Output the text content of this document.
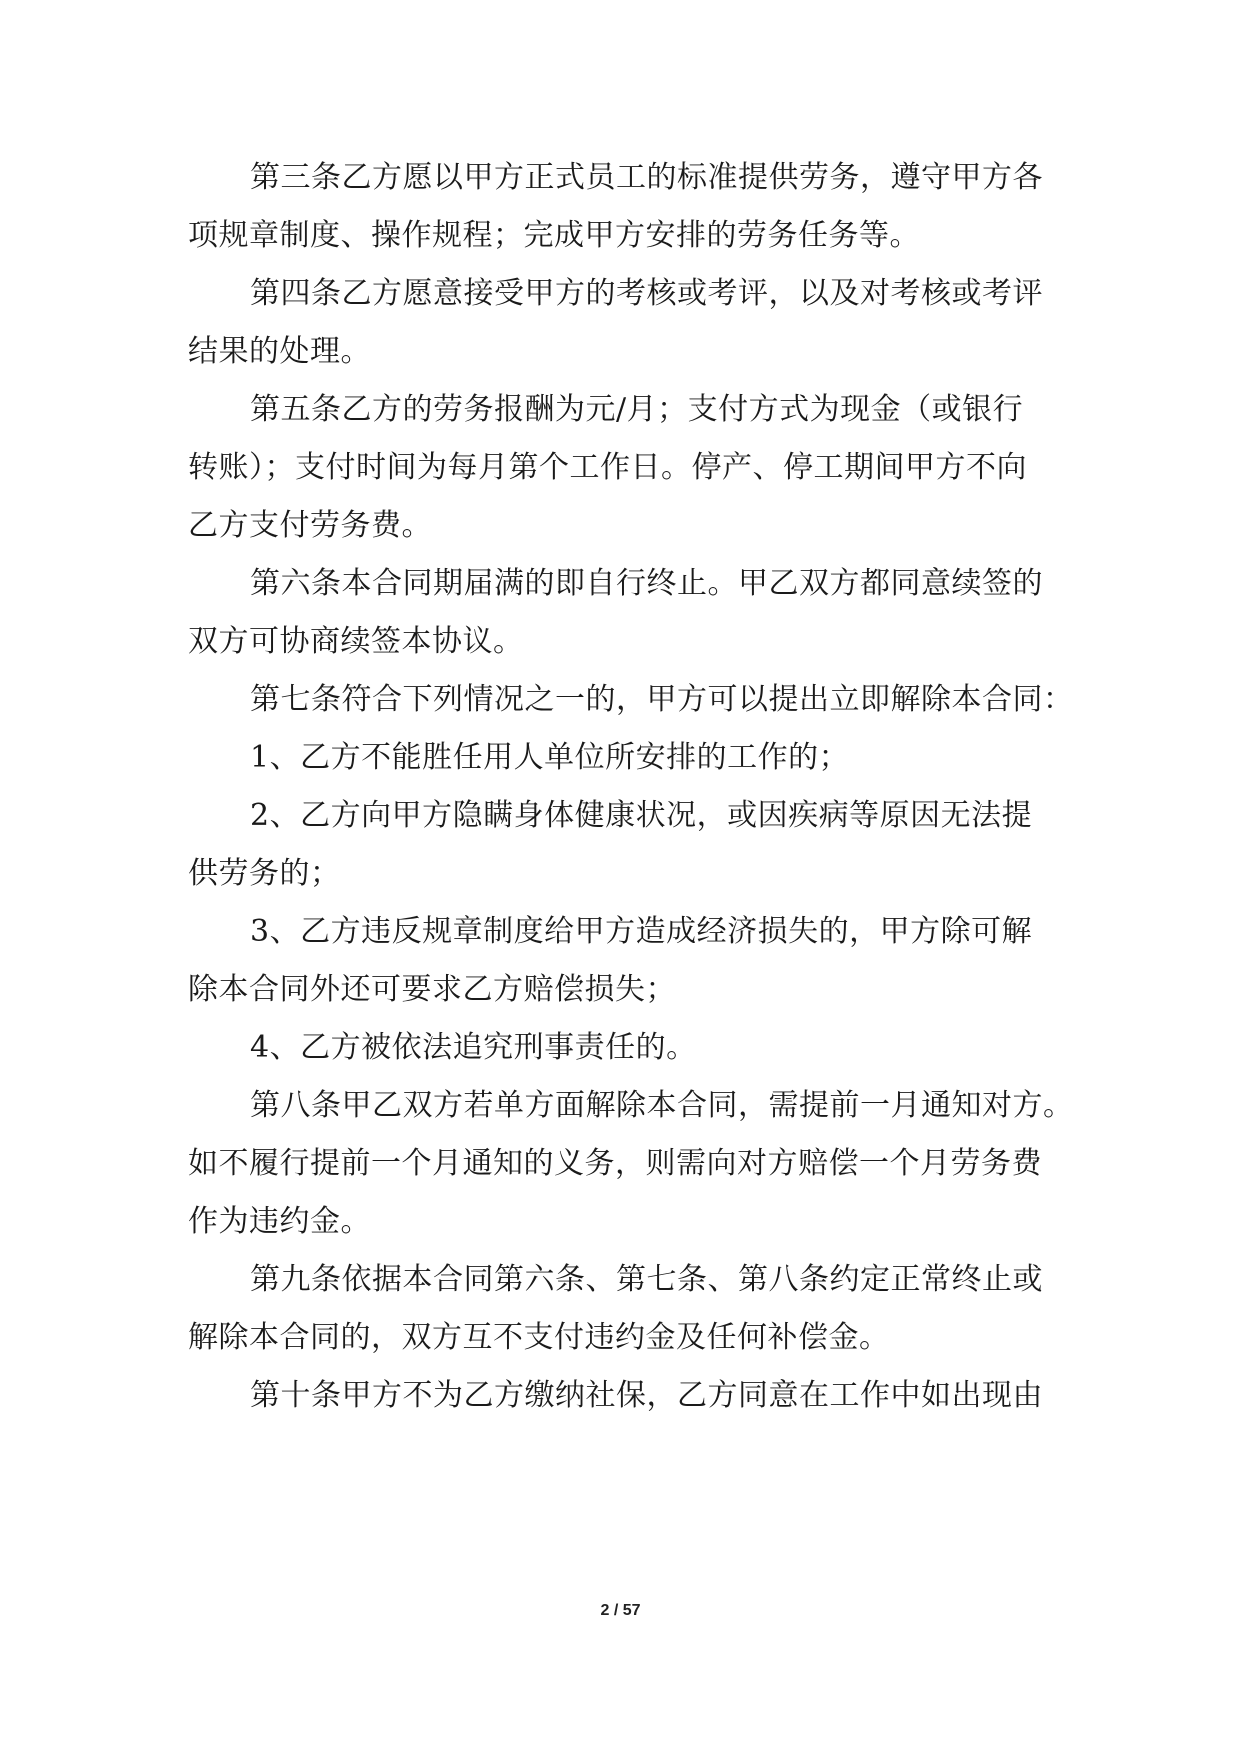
第三条乙方愿以甲方正式员工的标准提供劳务，遵守甲方各
项规章制度、操作规程；完成甲方安排的劳务任务等。
第四条乙方愿意接受甲方的考核或考评，以及对考核或考评
结果的处理。
第五条乙方的劳务报酬为元/月；支付方式为现金（或银行
转账）；支付时间为每月第个工作日。停产、停工期间甲方不向
乙方支付劳务费。
第六条本合同期届满的即自行终止。甲乙双方都同意续签的
双方可协商续签本协议。
第七条符合下列情况之一的，甲方可以提出立即解除本合同：
1、乙方不能胜任用人单位所安排的工作的；
2、乙方向甲方隐瞒身体健康状况，或因疾病等原因无法提
供劳务的；
3、乙方违反规章制度给甲方造成经济损失的，甲方除可解
除本合同外还可要求乙方赔偿损失；
4、乙方被依法追究刑事责任的。
第八条甲乙双方若单方面解除本合同，需提前一月通知对方。
如不履行提前一个月通知的义务，则需向对方赔偿一个月劳务费
作为违约金。
第九条依据本合同第六条、第七条、第八条约定正常终止或
解除本合同的，双方互不支付违约金及任何补偿金。
第十条甲方不为乙方缴纳社保，乙方同意在工作中如出现由
2 / 57
